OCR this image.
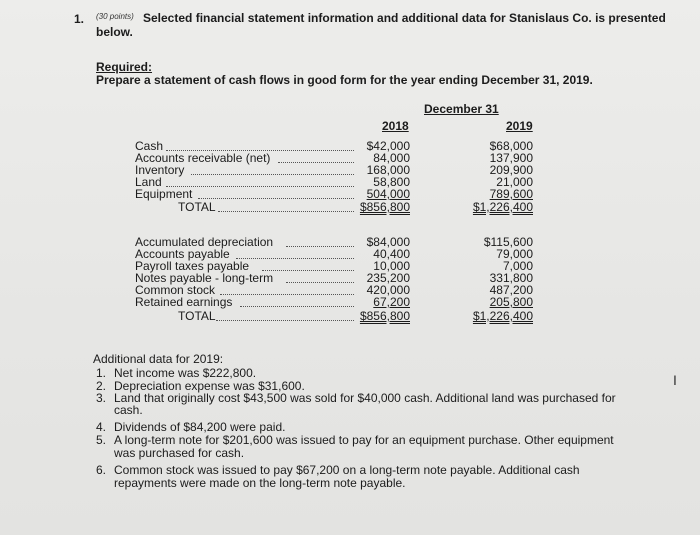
1. (30 points) Selected financial statement information and additional data for Stanislaus Co. is presented
below.
Required:
Prepare a statement of cash flows in good form for the year ending December 31, 2019.
December 31
2018	2019
Cash
Accounts receivable (net)
Inventory
Land
Equipment
TOTAL
$42,000
84,000
168,000
58,800
504,000
$856,800
$68,000
137,900
209,900
21,000
789,600
$1,226,400
Accumulated depreciation
Accounts payable
Payroll taxes payable
Notes payable - long-term
Common stock
Retained earnings
TOTAL
$84,000
40,400
10,000
235,200
420,000
67,200
$856,800
$115,600
79,000
7,000
331,800
487,200
205,800
$1,226,400
Additional data for 2019:
1. Net income was $222,800.
2. Depreciation expense was $31,600.
3. Land that originally cost $43,500 was sold for $40,000 cash. Additional land was purchased for
cash.
4. Dividends of $84,200 were paid.
5. A long-term note for $201,600 was issued to pay for an equipment purchase. Other equipment
was purchased for cash.
6. Common stock was issued to pay $67,200 on a long-term note payable. Additional cash
repayments were made on the long-term note payable.
I
